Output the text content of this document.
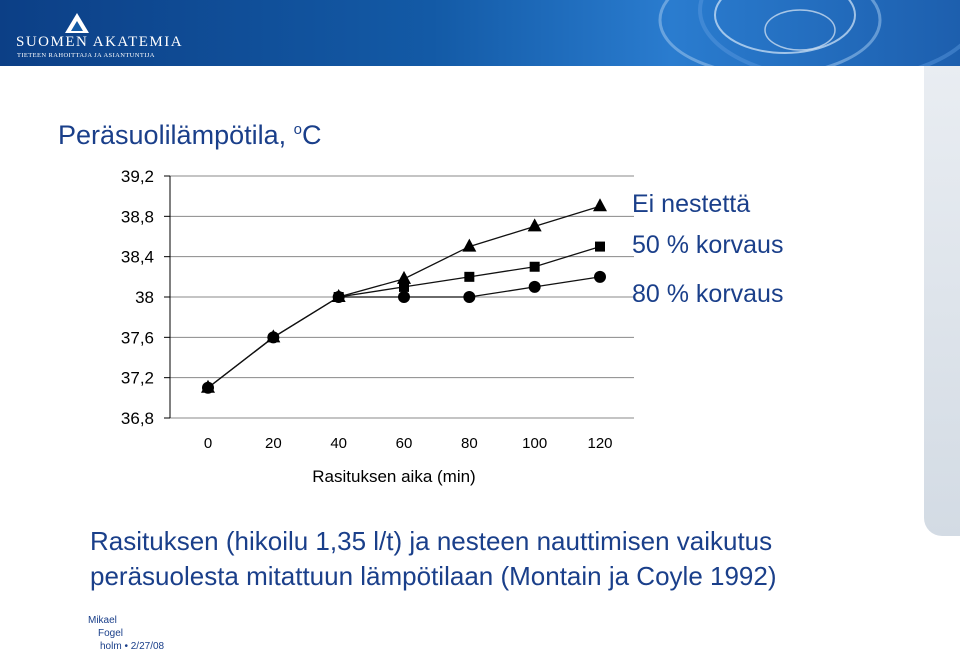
SUOMEN AKATEMIA
TIETEEN RAHOITTAJA JA ASIANTUNTIJA
Peräsuolilämpötila, $^o$C
39,2
38,8
38,4
38
37,6
37,2
36,8
0	20	40	60	80	100	120
Rasituksen aika (min)
Ei nestettä
50 % korvaus
80 % korvaus
Rasituksen (hikoilu 1,35 l/t) ja nesteen nauttimisen vaikutus
peräsuolesta mitattuun lämpötilaan (Montain ja Coyle 1992)
Mikael
Fogel
holm • 2/27/08
